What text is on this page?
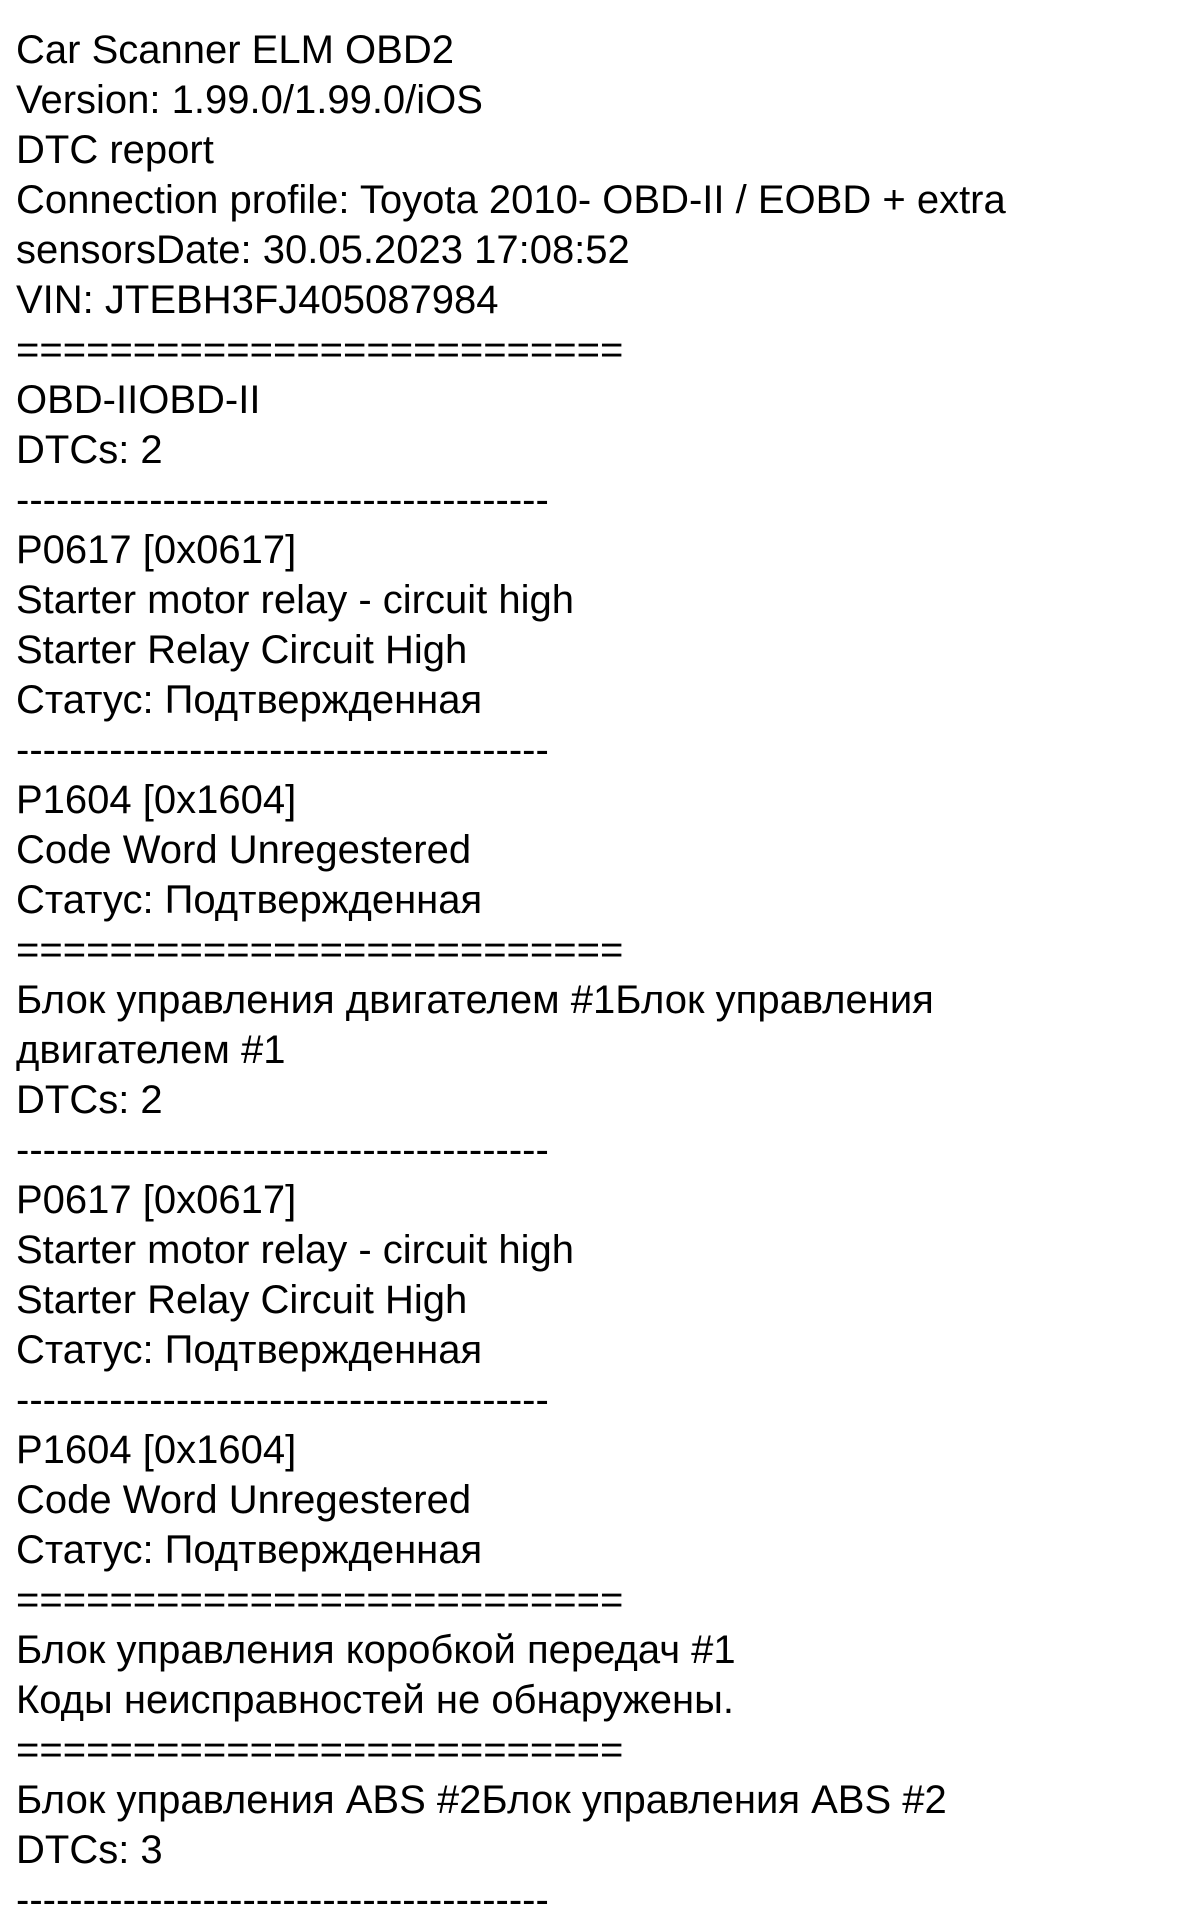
Car Scanner ELM OBD2
Version: 1.99.0/1.99.0/iOS
DTC report
Connection profile: Toyota 2010- OBD-II / EOBD + extra
sensorsDate: 30.05.2023 17:08:52
VIN: JTEBH3FJ405087984
==========================
OBD-IIOBD-II
DTCs: 2
----------------------------------------
P0617 [0x0617]
Starter motor relay - circuit high
Starter Relay Circuit High
Статус: Подтвержденная
----------------------------------------
P1604 [0x1604]
Code Word Unregestered
Статус: Подтвержденная
==========================
Блок управления двигателем #1Блок управления
двигателем #1
DTCs: 2
----------------------------------------
P0617 [0x0617]
Starter motor relay - circuit high
Starter Relay Circuit High
Статус: Подтвержденная
----------------------------------------
P1604 [0x1604]
Code Word Unregestered
Статус: Подтвержденная
==========================
Блок управления коробкой передач #1
Коды неисправностей не обнаружены.
==========================
Блок управления ABS #2Блок управления ABS #2
DTCs: 3
----------------------------------------
